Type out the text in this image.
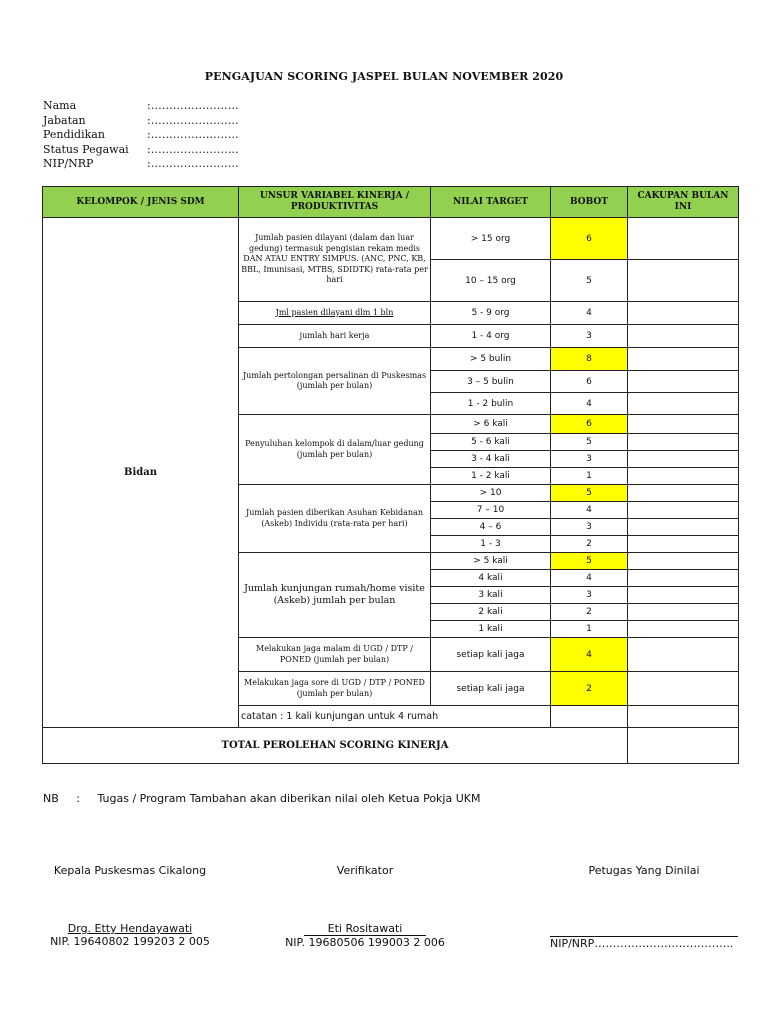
PENGAJUAN SCORING JASPEL BULAN NOVEMBER 2020
Nama	:……………………
Jabatan	:……………………
Pendidikan	:……………………
Status Pegawai	:……………………
NIP/NRP	:……………………
KELOMPOK / JENIS SDM	UNSUR VARIABEL KINERJA / PRODUKTIVITAS	NILAI TARGET	BOBOT	CAKUPAN BULAN INI
Bidan	Jumlah pasien dilayani (dalam dan luar gedung) termasuk pengisian rekam medis DAN ATAU ENTRY SIMPUS. (ANC, PNC, KB, BBL, Imunisasi, MTBS, SDIDTK) rata-rata per hari	> 15 org	6	
		10 – 15 org	5	
	Jml pasien dilayani dlm 1 bln	5 - 9 org	4	
	jumlah hari kerja	1 - 4 org	3	
	Jumlah pertolongan persalinan di Puskesmas (jumlah per bulan)	> 5 bulin	8	
		3 – 5 bulin	6	
		1 - 2 bulin	4	
	Penyuluhan kelompok di dalam/luar gedung (jumlah per bulan)	> 6 kali	6	
		5 - 6 kali	5	
		3 - 4 kali	3	
		1 - 2 kali	1	
	Jumlah pasien diberikan Asuhan Kebidanan (Askeb) Individu (rata-rata per hari)	> 10	5	
		7 – 10	4	
		4 – 6	3	
		1 - 3	2	
	Jumlah kunjungan rumah/home visite (Askeb) jumlah per bulan	> 5 kali	5	
		4 kali	4	
		3 kali	3	
		2 kali	2	
		1 kali	1	
	Melakukan jaga malam di UGD / DTP / PONED (jumlah per bulan)	setiap kali jaga	4	
	Melakukan jaga sore di UGD / DTP / PONED (jumlah per bulan)	setiap kali jaga	2	
	catatan : 1 kali kunjungan untuk 4 rumah			
TOTAL PEROLEHAN SCORING KINERJA				
NB : Tugas / Program Tambahan akan diberikan nilai oleh Ketua Pokja UKM
Kepala Puskesmas Cikalong
Drg. Etty Hendayawati
NIP. 19640802 199203 2 005
Verifikator
Eti Rositawati
NIP. 19680506 199003 2 006
Petugas Yang Dinilai
NIP/NRP………………………………..
